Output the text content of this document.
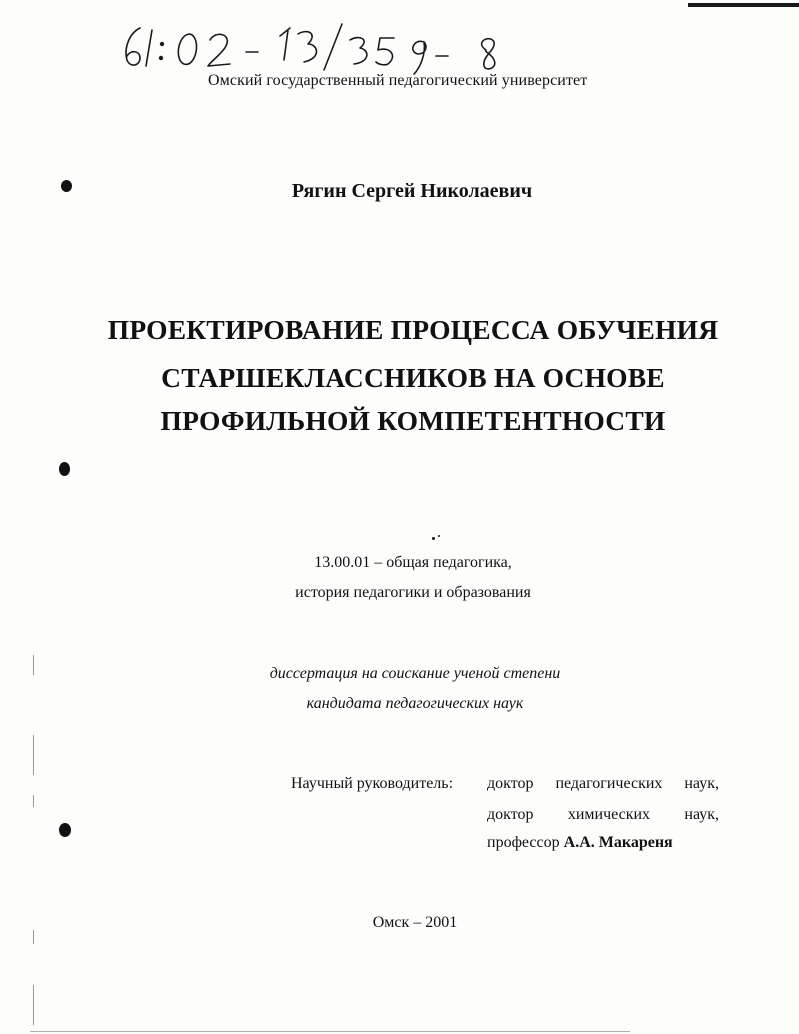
Омский государственный педагогический университет
Рягин Сергей Николаевич
ПРОЕКТИРОВАНИЕ ПРОЦЕССА ОБУЧЕНИЯ
СТАРШЕКЛАССНИКОВ НА ОСНОВЕ
ПРОФИЛЬНОЙ КОМПЕТЕНТНОСТИ
13.00.01 – общая педагогика,
история педагогики и образования
диссертация на соискание ученой степени
кандидата педагогических наук
Научный руководитель: доктор педагогических наук,
доктор химических наук,
профессор А.А. Макареня
Омск – 2001
